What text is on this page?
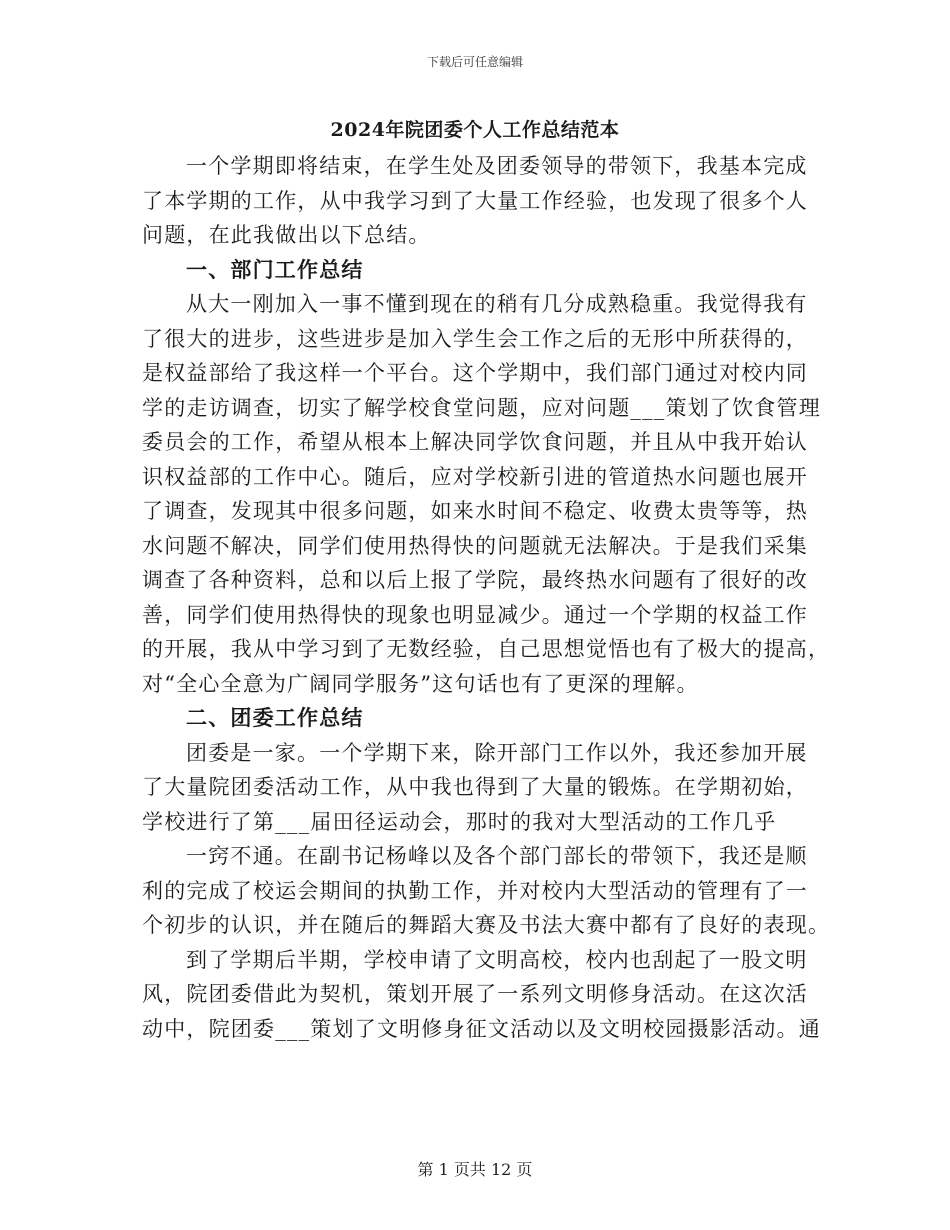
下载后可任意编辑
2024年院团委个人工作总结范本
一个学期即将结束，在学生处及团委领导的带领下，我基本完成
了本学期的工作，从中我学习到了大量工作经验，也发现了很多个人
问题，在此我做出以下总结。
一、部门工作总结
从大一刚加入一事不懂到现在的稍有几分成熟稳重。我觉得我有
了很大的进步，这些进步是加入学生会工作之后的无形中所获得的，
是权益部给了我这样一个平台。这个学期中，我们部门通过对校内同
学的走访调查，切实了解学校食堂问题，应对问题___策划了饮食管理
委员会的工作，希望从根本上解决同学饮食问题，并且从中我开始认
识权益部的工作中心。随后，应对学校新引进的管道热水问题也展开
了调查，发现其中很多问题，如来水时间不稳定、收费太贵等等，热
水问题不解决，同学们使用热得快的问题就无法解决。于是我们采集
调查了各种资料，总和以后上报了学院，最终热水问题有了很好的改
善，同学们使用热得快的现象也明显减少。通过一个学期的权益工作
的开展，我从中学习到了无数经验，自己思想觉悟也有了极大的提高，
对“全心全意为广阔同学服务”这句话也有了更深的理解。
二、团委工作总结
团委是一家。一个学期下来，除开部门工作以外，我还参加开展
了大量院团委活动工作，从中我也得到了大量的锻炼。在学期初始，
学校进行了第___届田径运动会，那时的我对大型活动的工作几乎
一窍不通。在副书记杨峰以及各个部门部长的带领下，我还是顺
利的完成了校运会期间的执勤工作，并对校内大型活动的管理有了一
个初步的认识，并在随后的舞蹈大赛及书法大赛中都有了良好的表现。
到了学期后半期，学校申请了文明高校，校内也刮起了一股文明
风，院团委借此为契机，策划开展了一系列文明修身活动。在这次活
动中，院团委___策划了文明修身征文活动以及文明校园摄影活动。通
第 1 页共 12 页
